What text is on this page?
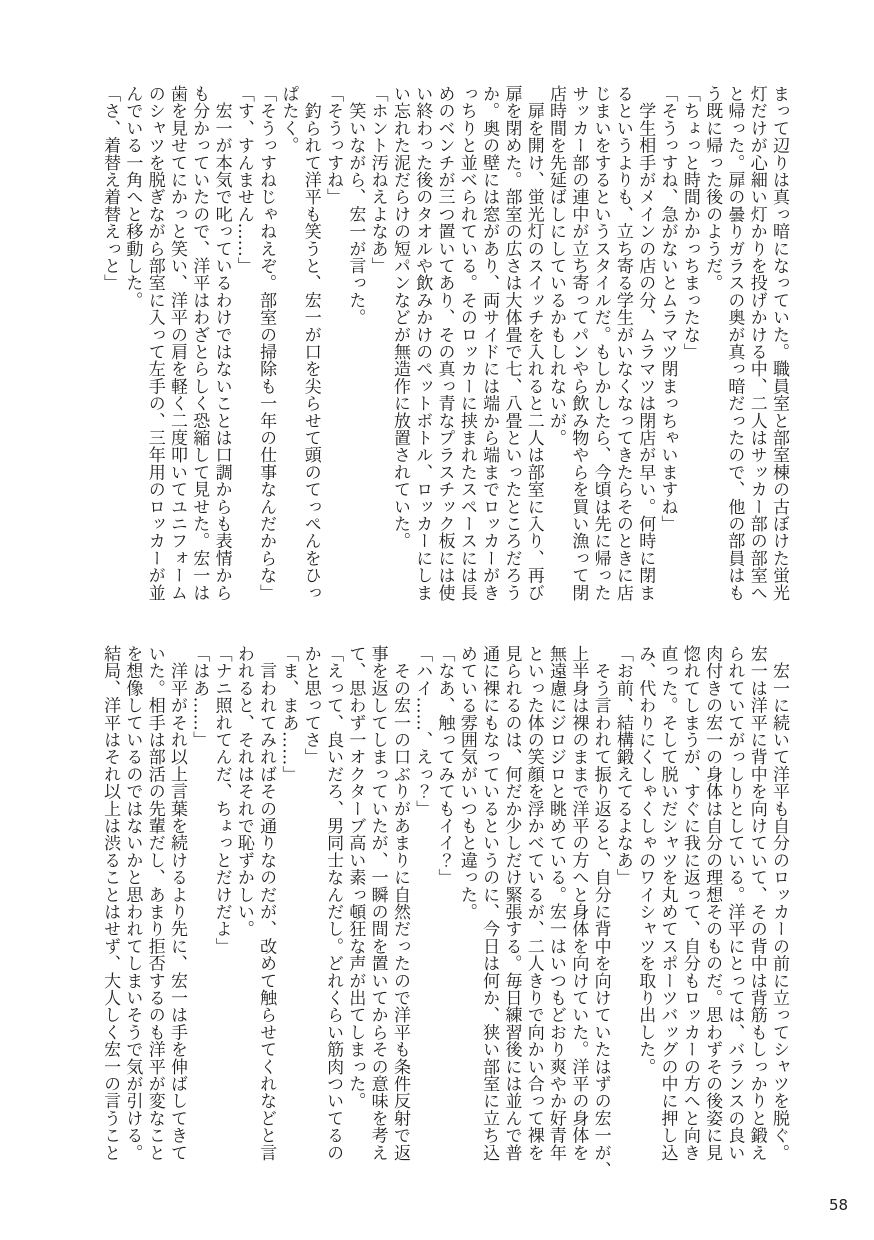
まって辺りは真っ暗になっていた。職員室と部室棟の古ぼけた蛍光

灯だけが心細い灯かりを投げかける中、二人はサッカー部の部室へ

と帰った。扉の曇りガラスの奥が真っ暗だったので、他の部員はも

う既に帰った後のようだ。

「ちょっと時間かかっちまったな」

「そうっすね、急がないとムラマツ閉まっちゃいますね」

　学生相手がメインの店の分、ムラマツは閉店が早い。何時に閉ま

るというよりも、立ち寄る学生がいなくなってきたらそのときに店

じまいをするというスタイルだ。もしかしたら、今頃は先に帰った

サッカー部の連中が立ち寄ってパンやら飲み物やらを買い漁って閉

店時間を先延ばしにしているかもしれないが。

　扉を開け、蛍光灯のスイッチを入れると二人は部室に入り、再び

扉を閉めた。部室の広さは大体畳で七、八畳といったところだろう

か。奥の壁には窓があり、両サイドには端から端までロッカーがき

っちりと並べられている。そのロッカーに挟まれたスペースには長

めのベンチが三つ置いてあり、その真っ青なプラスチック板には使

い終わった後のタオルや飲みかけのペットボトル、ロッカーにしま

い忘れた泥だらけの短パンなどが無造作に放置されていた。

「ホント汚ねえよなあ」

　笑いながら、宏一が言った。

「そうっすね」

　釣られて洋平も笑うと、宏一が口を尖らせて頭のてっぺんをひっ

ぱたく。

「そうっすねじゃねえぞ。部室の掃除も一年の仕事なんだからな」

「す、すんません……」

　宏一が本気で叱っているわけではないことは口調からも表情から

も分かっていたので、洋平はわざとらしく恐縮して見せた。宏一は

歯を見せてにかっと笑い、洋平の肩を軽く二度叩いてユニフォーム

のシャツを脱ぎながら部室に入って左手の、三年用のロッカーが並

んでいる一角へと移動した。

「さ、着替え着替えっと」

　宏一に続いて洋平も自分のロッカーの前に立ってシャツを脱ぐ。

宏一は洋平に背中を向けていて、その背中は背筋もしっかりと鍛え

られていてがっしりとしている。洋平にとっては、バランスの良い

肉付きの宏一の身体は自分の理想そのものだ。思わずその後姿に見

惚れてしまうが、すぐに我に返って、自分もロッカーの方へと向き

直った。そして脱いだシャツを丸めてスポーツバッグの中に押し込

み、代わりにくしゃくしゃのワイシャツを取り出した。

「お前、結構鍛えてるよなあ」

　そう言われて振り返ると、自分に背中を向けていたはずの宏一が、

上半身は裸のままで洋平の方へと身体を向けていた。洋平の身体を

無遠慮にジロジロと眺めている。宏一はいつもどおり爽やか好青年

といった体の笑顔を浮かべているが、二人きりで向かい合って裸を

見られるのは、何だか少しだけ緊張する。毎日練習後には並んで普

通に裸にもなっているというのに、今日は何か、狭い部室に立ち込

めている雰囲気がいつもと違った。

「なあ、触ってみてもイイ？」

「ハイ……、えっ？」

　その宏一の口ぶりがあまりに自然だったので洋平も条件反射で返

事を返してしまっていたが、一瞬の間を置いてからその意味を考え

て、思わず一オクターブ高い素っ頓狂な声が出てしまった。

「えって、良いだろ、男同士なんだし。どれくらい筋肉ついてるの

かと思ってさ」

「ま、まあ……」

　言われてみればその通りなのだが、改めて触らせてくれなどと言

われると、それはそれで恥ずかしい。

「ナニ照れてんだ、ちょっとだけだよ」

「はあ……」

　洋平がそれ以上言葉を続けるより先に、宏一は手を伸ばしてきて

いた。相手は部活の先輩だし、あまり拒否するのも洋平が変なこと

を想像しているのではないかと思われてしまいそうで気が引ける。

結局、洋平はそれ以上は渋ることはせず、大人しく宏一の言うこと

58
